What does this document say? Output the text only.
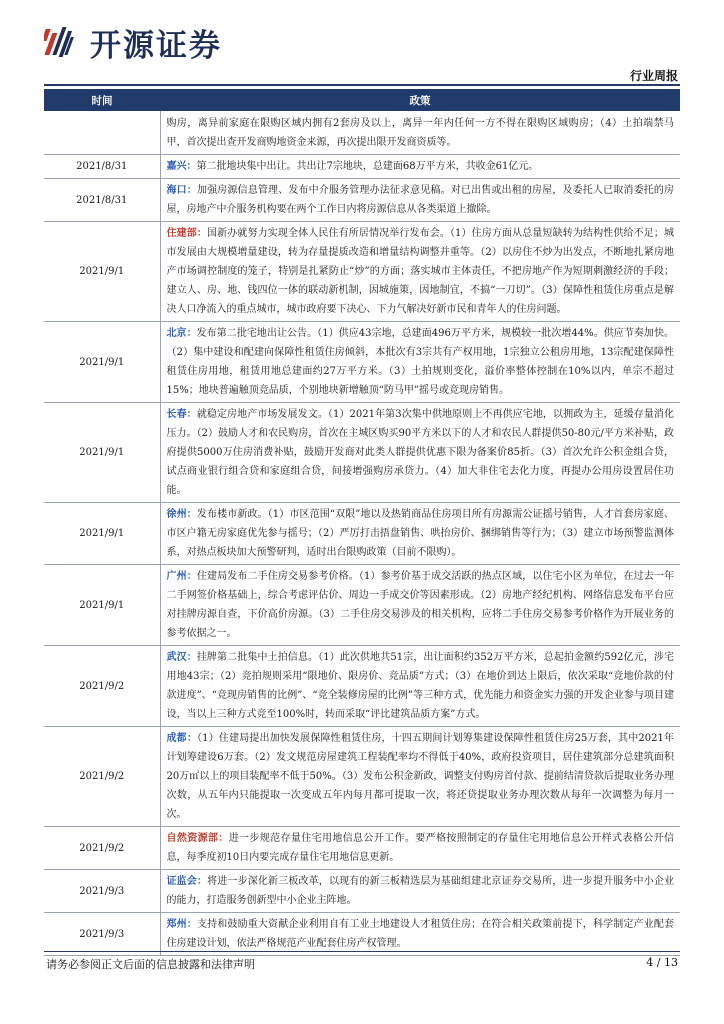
开源证券
行业周报
时间	政策
	购房，离异前家庭在限购区域内拥有2套房及以上，离异一年内任何一方不得在限购区域购房；（4）土拍端禁马甲，首次提出查开发商购地资金来源，再次提出限开发商资质等。
2021/8/31	嘉兴：第二批地块集中出让。共出让7宗地块，总建面68万平方米，共收金61亿元。
2021/8/31	海口：加强房源信息管理、发布中介服务管理办法征求意见稿。对已出售或出租的房屋，及委托人已取消委托的房屋，房地产中介服务机构要在两个工作日内将房源信息从各类渠道上撤除。
2021/9/1	住建部：国新办就努力实现全体人民住有所居情况举行发布会。（1）住房方面从总量短缺转为结构性供给不足；城市发展由大规模增量建设，转为存量提质改造和增量结构调整并重等。（2）以房住不炒为出发点，不断地扎紧房地产市场调控制度的笼子，特别是扎紧防止“炒”的方面；落实城市主体责任，不把房地产作为短期刺激经济的手段；建立人、房、地、钱四位一体的联动新机制，因城施策，因地制宜，不搞“一刀切”。（3）保障性租赁住房重点是解决人口净流入的重点城市，城市政府要下决心、下力气解决好新市民和青年人的住房问题。
2021/9/1	北京：发布第二批宅地出让公告。（1）供应43宗地，总建面496万平方米，规模较一批次增44%。供应节奏加快。（2）集中建设和配建向保障性租赁住房倾斜，本批次有3宗共有产权用地，1宗独立公租房用地，13宗配建保障性租赁住房用地，租赁用地总建面约27万平方米。（3）土拍规则变化，溢价率整体控制在10%以内，单宗不超过15%；地块普遍触顶竞品质，个别地块新增触顶“防马甲”摇号或竞现房销售。
2021/9/1	长春：就稳定房地产市场发展发文。（1）2021年第3次集中供地原则上不再供应宅地，以拥政为主，延缓存量消化压力。（2）鼓励人才和农民购房，首次在主城区购买90平方米以下的人才和农民人群提供50-80元/平方米补贴，政府提供5000万住房消费补贴，鼓励开发商对此类人群提供优惠下限为备案价85折。（3）首次允许公积金组合贷，试点商业银行组合贷和家庭组合贷，间接增强购房承贷力。（4）加大非住宅去化力度，再提办公用房设置居住功能。
2021/9/1	徐州：发布楼市新政。（1）市区范围“双限”地以及热销商品住房项目所有房源需公证摇号销售，人才首套房家庭、市区户籍无房家庭优先参与摇号；（2）严厉打击捂盘销售、哄抬房价、捆绑销售等行为；（3）建立市场预警监测体系，对热点板块加大预警研判，适时出台限购政策（目前不限购）。
2021/9/1	广州：住建局发布二手住房交易参考价格。（1）参考价基于成交活跃的热点区域，以住宅小区为单位，在过去一年二手网签价格基础上，综合考虑评估价、周边一手成交价等因素形成。（2）房地产经纪机构、网络信息发布平台应对挂牌房源自查，下价高价房源。（3）二手住房交易涉及的相关机构，应将二手住房交易参考价格作为开展业务的参考依据之一。
2021/9/2	武汉：挂牌第二批集中土拍信息。（1）此次供地共51宗，出让面积约352万平方米，总起拍金额约592亿元，涉宅用地43宗；（2）竞拍规则采用“限地价、限房价、竞品质”方式；（3）在地价到达上限后，依次采取“竞地价款的付款进度”、“竞现房销售的比例”、“竞全装修房屋的比例”等三种方式，优先能力和资金实力强的开发企业参与项目建设，当以上三种方式竞至100%时，转而采取“评比建筑品质方案”方式。
2021/9/2	成都：（1）住建局提出加快发展保障性租赁住房，十四五期间计划筹集建设保障性租赁住房25万套，其中2021年计划筹建设6万套。（2）发文规范房屋建筑工程装配率均不得低于40%，政府投资项目，居住建筑部分总建筑面积20万㎡以上的项目装配率不低于50%。（3）发布公积金新政，调整支付购房首付款、提前结清贷款后提取业务办理次数，从五年内只能提取一次变成五年内每月都可提取一次，将还贷提取业务办理次数从每年一次调整为每月一次。
2021/9/2	自然资源部：进一步规范存量住宅用地信息公开工作。要严格按照制定的存量住宅用地信息公开样式表格公开信息，每季度初10日内要完成存量住宅用地信息更新。
2021/9/3	证监会：将进一步深化新三板改革，以现有的新三板精选层为基础组建北京证券交易所，进一步提升服务中小企业的能力，打造服务创新型中小企业主阵地。
2021/9/3	郑州：支持和鼓励重大资献企业利用自有工业土地建设人才租赁住房；在符合相关政策前提下，科学制定产业配套住房建设计划，依法严格规范产业配套住房产权管理。
请务必参阅正文后面的信息披露和法律声明	4 / 13
